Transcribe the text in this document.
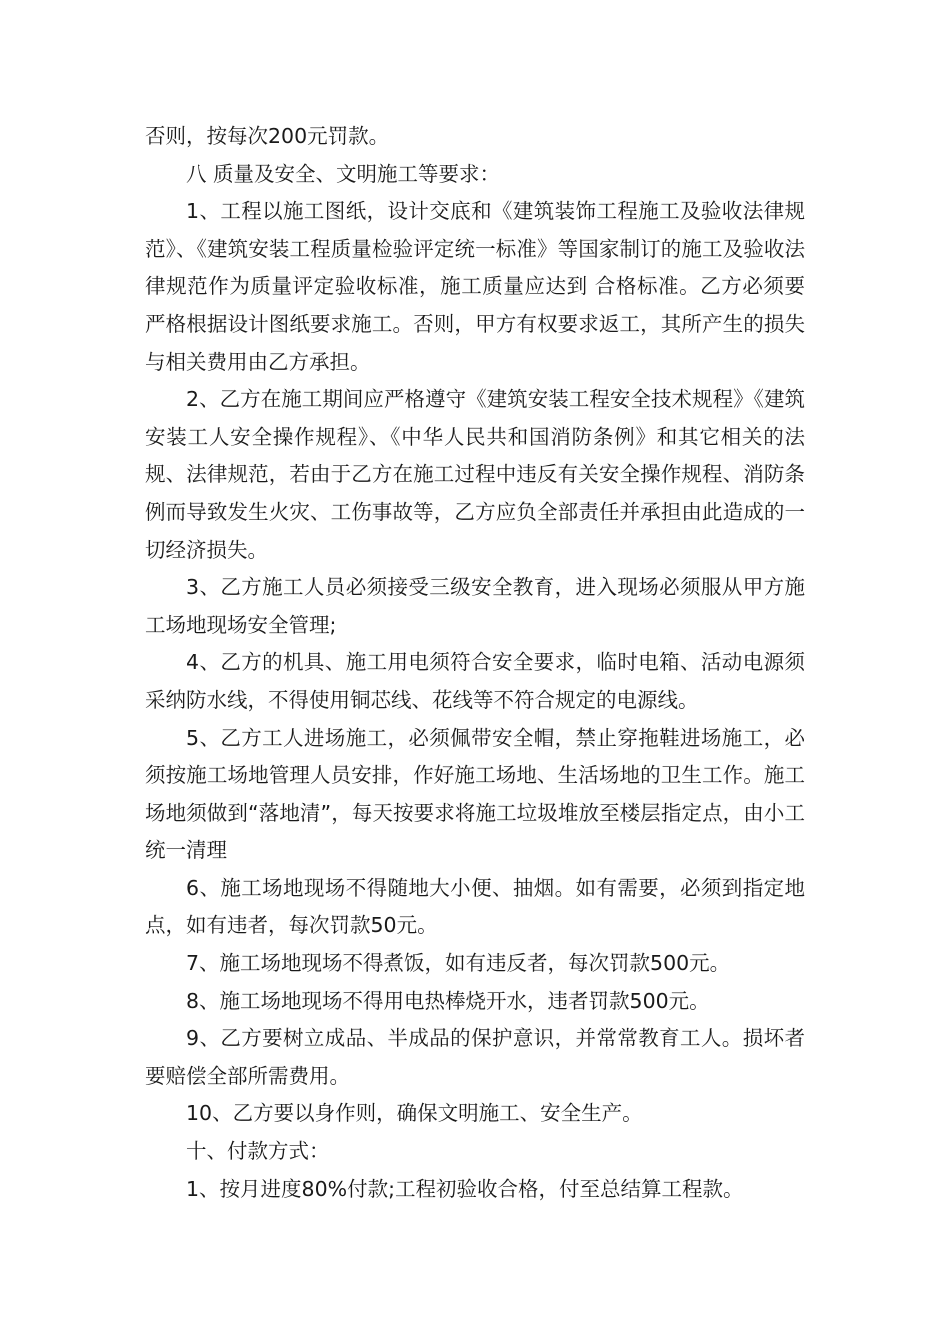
否则，按每次200元罚款。

八 质量及安全、文明施工等要求：

1、工程以施工图纸，设计交底和《建筑装饰工程施工及验收法律规范》、《建筑安装工程质量检验评定统一标准》等国家制订的施工及验收法律规范作为质量评定验收标准，施工质量应达到 合格标准。乙方必须要严格根据设计图纸要求施工。否则，甲方有权要求返工，其所产生的损失与相关费用由乙方承担。

2、乙方在施工期间应严格遵守《建筑安装工程安全技术规程》《建筑安装工人安全操作规程》、《中华人民共和国消防条例》和其它相关的法规、法律规范，若由于乙方在施工过程中违反有关安全操作规程、消防条例而导致发生火灾、工伤事故等，乙方应负全部责任并承担由此造成的一切经济损失。

3、乙方施工人员必须接受三级安全教育，进入现场必须服从甲方施工场地现场安全管理;

4、乙方的机具、施工用电须符合安全要求，临时电箱、活动电源须采纳防水线，不得使用铜芯线、花线等不符合规定的电源线。

5、乙方工人进场施工，必须佩带安全帽，禁止穿拖鞋进场施工，必须按施工场地管理人员安排，作好施工场地、生活场地的卫生工作。施工场地须做到“落地清”，每天按要求将施工垃圾堆放至楼层指定点，由小工统一清理

6、施工场地现场不得随地大小便、抽烟。如有需要，必须到指定地点，如有违者，每次罚款50元。

7、施工场地现场不得煮饭，如有违反者，每次罚款500元。

8、施工场地现场不得用电热棒烧开水，违者罚款500元。

9、乙方要树立成品、半成品的保护意识，并常常教育工人。损坏者要赔偿全部所需费用。

10、乙方要以身作则，确保文明施工、安全生产。

十、付款方式：

1、按月进度80%付款;工程初验收合格，付至总结算工程款。
